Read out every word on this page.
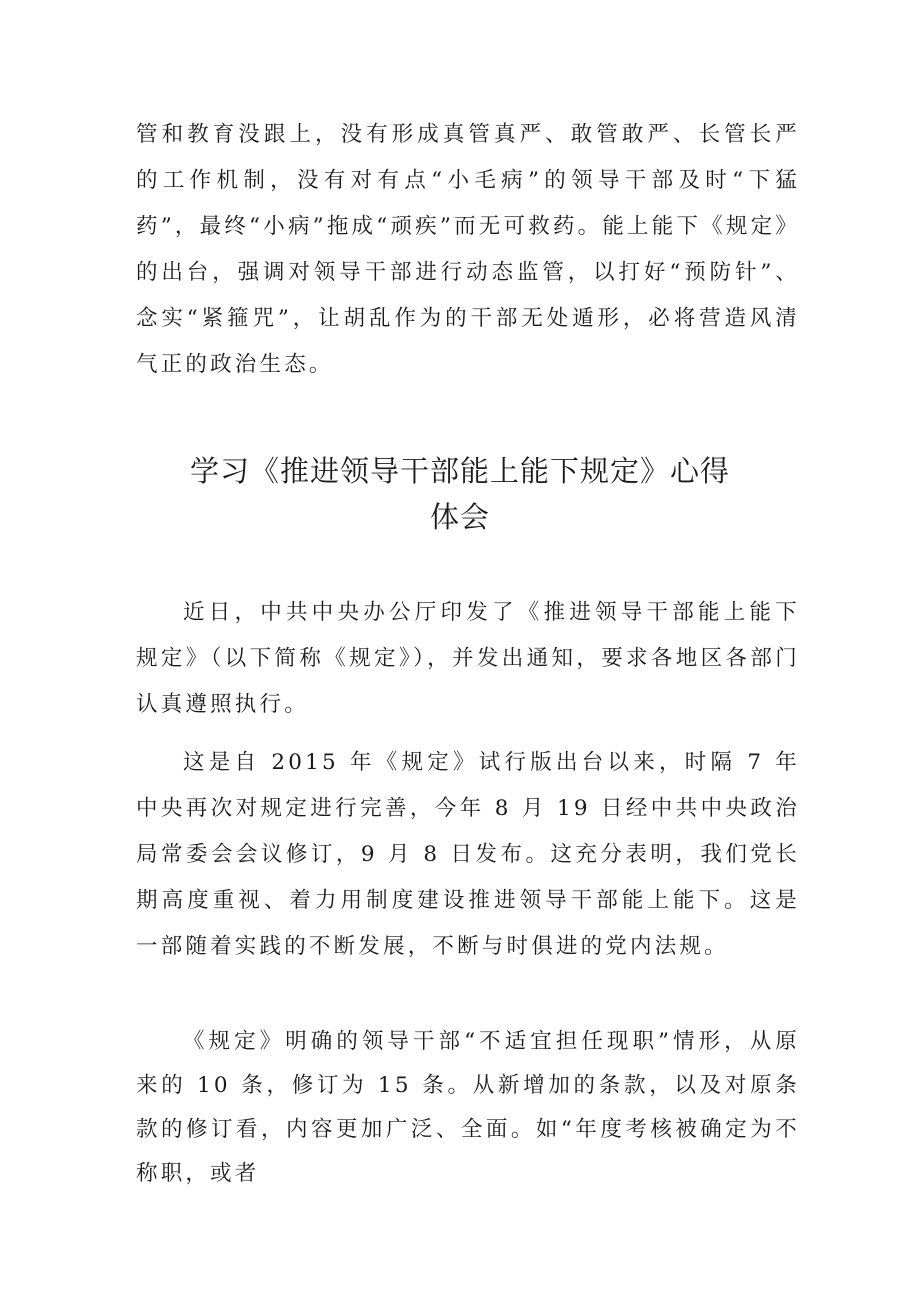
管和教育没跟上，没有形成真管真严、敢管敢严、长管长严的工作机制，没有对有点“小毛病”的领导干部及时“下猛药”，最终“小病”拖成“顽疾”而无可救药。能上能下《规定》的出台，强调对领导干部进行动态监管，以打好“预防针”、念实“紧箍咒”，让胡乱作为的干部无处遁形，必将营造风清气正的政治生态。

学习《推进领导干部能上能下规定》心得
体会

近日，中共中央办公厅印发了《推进领导干部能上能下规定》（以下简称《规定》），并发出通知，要求各地区各部门认真遵照执行。

这是自 2015 年《规定》试行版出台以来，时隔 7 年中央再次对规定进行完善，今年 8 月 19 日经中共中央政治局常委会会议修订，9 月 8 日发布。这充分表明，我们党长期高度重视、着力用制度建设推进领导干部能上能下。这是一部随着实践的不断发展，不断与时俱进的党内法规。

《规定》明确的领导干部“不适宜担任现职”情形，从原来的 10 条，修订为 15 条。从新增加的条款，以及对原条款的修订看，内容更加广泛、全面。如“年度考核被确定为不称职，或者
